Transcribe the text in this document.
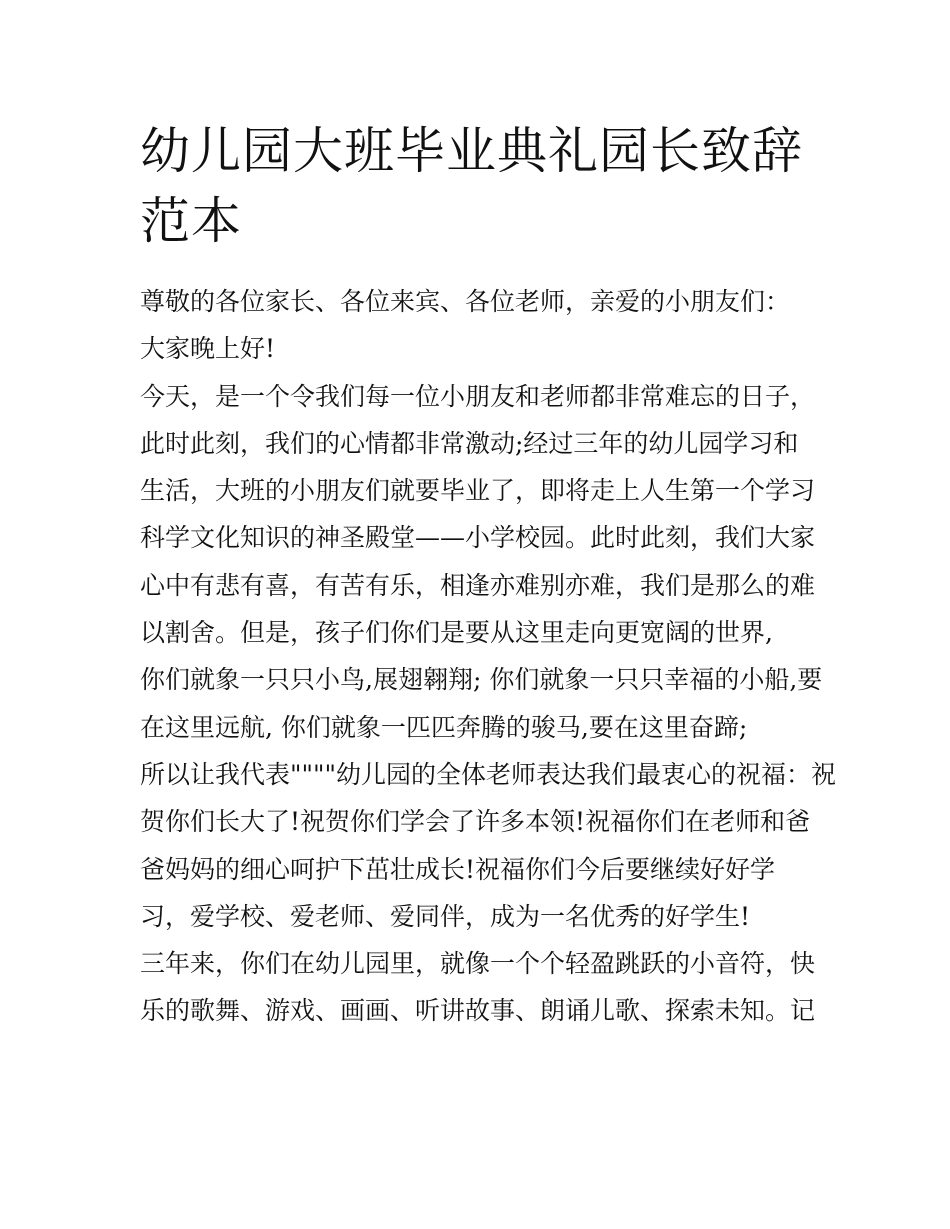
幼儿园大班毕业典礼园长致辞
范本
尊敬的各位家长、各位来宾、各位老师，亲爱的小朋友们：
大家晚上好!
今天，是一个令我们每一位小朋友和老师都非常难忘的日子，
此时此刻，我们的心情都非常激动;经过三年的幼儿园学习和
生活，大班的小朋友们就要毕业了，即将走上人生第一个学习
科学文化知识的神圣殿堂——小学校园。此时此刻，我们大家
心中有悲有喜，有苦有乐，相逢亦难别亦难，我们是那么的难
以割舍。但是，孩子们你们是要从这里走向更宽阔的世界,
你们就象一只只小鸟,展翅翱翔; 你们就象一只只幸福的小船,要
在这里远航, 你们就象一匹匹奔腾的骏马,要在这里奋蹄;
所以让我代表""""幼儿园的全体老师表达我们最衷心的祝福：祝
贺你们长大了!祝贺你们学会了许多本领!祝福你们在老师和爸
爸妈妈的细心呵护下茁壮成长!祝福你们今后要继续好好学
习，爱学校、爱老师、爱同伴，成为一名优秀的好学生!
三年来，你们在幼儿园里，就像一个个轻盈跳跃的小音符，快
乐的歌舞、游戏、画画、听讲故事、朗诵儿歌、探索未知。记
